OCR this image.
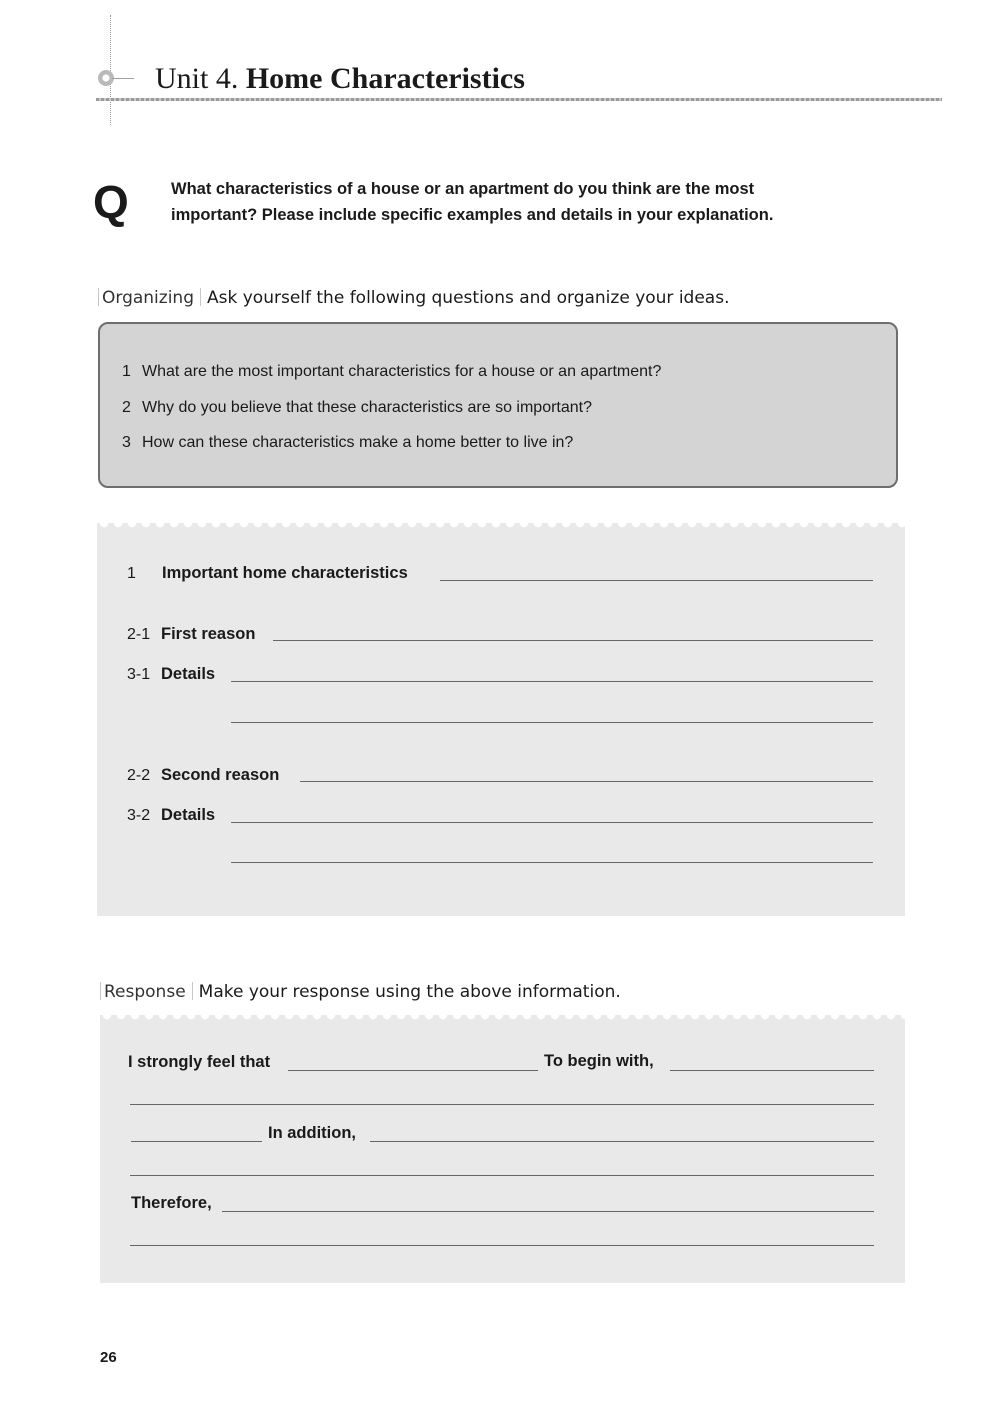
Unit 4. Home Characteristics
Q	What characteristics of a house or an apartment do you think are the most
important? Please include specific examples and details in your explanation.
Organizing Ask yourself the following questions and organize your ideas.
1 What are the most important characteristics for a house or an apartment?
2 Why do you believe that these characteristics are so important?
3 How can these characteristics make a home better to live in?
1 Important home characteristics
2-1 First reason
3-1 Details
2-2 Second reason
3-2 Details
Response Make your response using the above information.
I strongly feel that	To begin with,
In addition,
Therefore,
26
